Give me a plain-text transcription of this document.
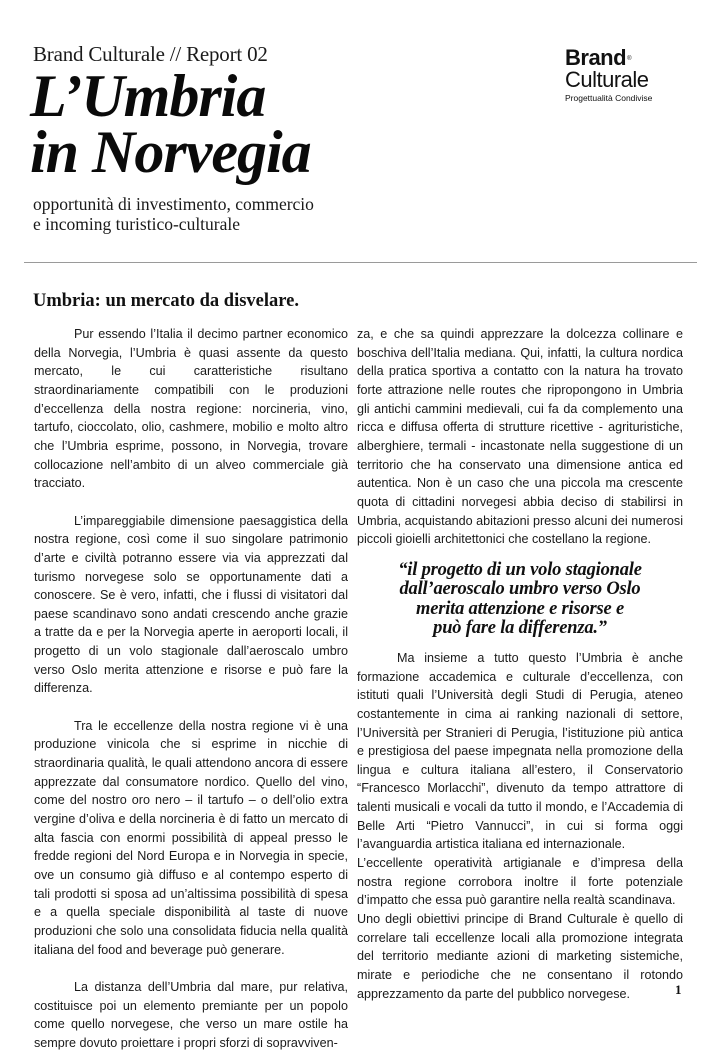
Brand Culturale // Report 02
L’Umbria
in Norvegia
opportunità di investimento, commercio
e incoming turistico-culturale
Brand®
Culturale
Progettualità Condivise
Umbria: un mercato da disvelare.

Pur essendo l’Italia il decimo partner economico della Norvegia, l’Umbria è quasi assente da questo mercato, le cui caratteristiche risultano straordinariamente compatibili con le produzioni d’eccellenza della nostra regione: norcineria, vino, tartufo, cioccolato, olio, cashmere, mobilio e molto altro che l’Umbria esprime, possono, in Norvegia, trovare collocazione nell’ambito di un alveo commerciale già tracciato.

L’impareggiabile dimensione paesaggistica della nostra regione, così come il suo singolare patrimonio d’arte e civiltà potranno essere via via apprezzati dal turismo norvegese solo se opportunamente dati a conoscere. Se è vero, infatti, che i flussi di visitatori dal paese scandinavo sono andati crescendo anche grazie a tratte da e per la Norvegia aperte in aeroporti locali, il progetto di un volo stagionale dall’aeroscalo umbro verso Oslo merita attenzione e risorse e può fare la differenza.

Tra le eccellenze della nostra regione vi è una produzione vinicola che si esprime in nicchie di straordinaria qualità, le quali attendono ancora di essere apprezzate dal consumatore nordico. Quello del vino, come del nostro oro nero – il tartufo – o dell’olio extra vergine d’oliva e della norcineria è di fatto un mercato di alta fascia con enormi possibilità di appeal presso le fredde regioni del Nord Europa e in Norvegia in specie, ove un consumo già diffuso e al contempo esperto di tali prodotti si sposa ad un’altissima possibilità di spesa e a quella speciale disponibilità al taste di nuove produzioni che solo una consolidata fiducia nella qualità italiana del food and beverage può generare.

La distanza dell’Umbria dal mare, pur relativa, costituisce poi un elemento premiante per un popolo come quello norvegese, che verso un mare ostile ha sempre dovuto proiettare i propri sforzi di sopravviven-

za, e che sa quindi apprezzare la dolcezza collinare e boschiva dell’Italia mediana. Qui, infatti, la cultura nordica della pratica sportiva a contatto con la natura ha trovato forte attrazione nelle routes che ripropongono in Umbria gli antichi cammini medievali, cui fa da complemento una ricca e diffusa offerta di strutture ricettive - agrituristiche, alberghiere, termali - incastonate nella suggestione di un territorio che ha conservato una dimensione antica ed autentica. Non è un caso che una piccola ma crescente quota di cittadini norvegesi abbia deciso di stabilirsi in Umbria, acquistando abitazioni presso alcuni dei numerosi piccoli gioielli architettonici che costellano la regione.

“il progetto di un volo stagionale
dall’aeroscalo umbro verso Oslo
merita attenzione e risorse e
può fare la differenza.”

Ma insieme a tutto questo l’Umbria è anche formazione accademica e culturale d’eccellenza, con istituti quali l’Università degli Studi di Perugia, ateneo costantemente in cima ai ranking nazionali di settore, l’Università per Stranieri di Perugia, l’istituzione più antica e prestigiosa del paese impegnata nella promozione della lingua e cultura italiana all’estero, il Conservatorio “Francesco Morlacchi”, divenuto da tempo attrattore di talenti musicali e vocali da tutto il mondo, e l’Accademia di Belle Arti “Pietro Vannucci”, in cui si forma oggi l’avanguardia artistica italiana ed internazionale.

L’eccellente operatività artigianale e d’impresa della nostra regione corrobora inoltre il forte potenziale d’impatto che essa può garantire nella realtà scandinava.

Uno degli obiettivi principe di Brand Culturale è quello di correlare tali eccellenze locali alla promozione integrata del territorio mediante azioni di marketing sistemiche, mirate e periodiche che ne consentano il rotondo apprezzamento da parte del pubblico norvegese.	1
